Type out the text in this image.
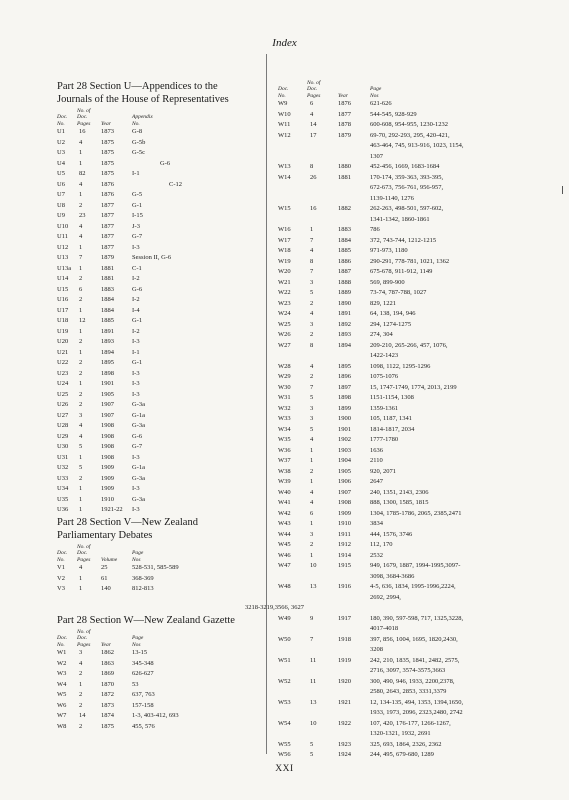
Index
Part 28 Section U—Appendices to the
Journals of the House of Representatives
Doc.
No.
No. of
Doc.
Pages Year
Appendix
No.
U1 16 1873	G-8
U2 4	1875	G-5b
U3 1	1875	G-5c
U4 1	1875	G-6
U5 82 1875	I-1
U6 4	1876	C-12
U7 1	1876	G-5
U8 2	1877	G-1
U9 23 1877	I-15
U10 4	1877	J-3
U11 4	1877	G-7
U12 1	1877	I-3
U13 7	1879	Session II, G-6
U13a 1	1881	C-1
U14 2	1881	I-2
U15 6	1883	G-6
U16 2	1884	I-2
U17 1	1884	I-4
U18 12 1885	G-1
U19 1	1891	I-2
U20 2	1893	I-3
U21 1	1894	I-1
U22 2	1895	G-1
U23 2	1898	I-3
U24 1	1901	I-3
U25 2	1905	I-3
U26 2	1907	G-3a
U27 3	1907	G-1a
U28 4	1908	G-3a
U29 4	1908	G-6
U30 5	1908	G-7
U31 1	1908	I-3
U32 5	1909	G-1a
U33 2	1909	G-3a
U34 1	1909	I-3
U35 1	1910	G-3a
U36 1	1921-22 I-3
Part 28 Section V—New Zealand
Parliamentary Debates
Doc.
No.
No. of
Doc.
Pages Volume
Page
Nos
V1 4	25	528-531, 585-589
V2 1	61	368-369
V3 1	140	812-813
Part 28 Section W—New Zealand Gazette
Doc.
No.
No. of
Doc.
Pages Year
Page
Nos
W1 3	1862	13-15
W2 4	1863	345-348
W3 2	1869	626-627
W4 1	1870	53
W5 2	1872	637, 763
W6 2	1873	157-158
W7 14 1874	1-3, 403-412, 693
W8 2	1875	455, 576
Doc.
No.
No. of
Doc.
Pages	Year
Page
Nos
W9	6	1876	621-626
W10	4	1877	544-545, 928-929
W11	14	1878	600-608, 954-955, 1230-1232
W12	17	1879	69-70, 292-293, 295, 420-421,
463-464, 745, 913-916, 1023, 1154,
1307
W13	8	1880	452-456, 1669, 1683-1684
W14	26	1881	170-174, 359-363, 393-395,
672-673, 756-761, 956-957,
1139-1140, 1276
W15	16	1882	262-263, 498-501, 597-602,
1341-1342, 1860-1861
W16	1	1883	786
W17	7	1884	372, 743-744, 1212-1215
W18	4	1885	971-973, 1180
W19	8	1886	290-291, 778-781, 1021, 1362
W20	7	1887	675-678, 911-912, 1149
W21	3	1888	569, 899-900
W22	5	1889	73-74, 787-788, 1027
W23	2	1890	829, 1221
W24	4	1891	64, 138, 194, 946
W25	3	1892	294, 1274-1275
W26	2	1893	274, 304
W27	8	1894	209-210, 265-266, 457, 1076,
1422-1423
W28	4	1895	1098, 1122, 1295-1296
W29	2	1896	1075-1076
W30	7	1897	15, 1747-1749, 1774, 2013, 2199
W31	5	1898	1151-1154, 1308
W32	3	1899	1359-1361
W33	3	1900	105, 1187, 1341
W34	5	1901	1814-1817, 2034
W35	4	1902	1777-1780
W36	1	1903	1636
W37	1	1904	2110
W38	2	1905	920, 2071
W39	1	1906	2647
W40	4	1907	240, 1351, 2143, 2306
W41	4	1908	888, 1300, 1585, 1815
W42	6	1909	1304, 1785-1786, 2065, 2385,2471
W43	1	1910	3834
W44	3	1911	444, 1576, 3746
W45	2	1912	112, 170
W46	1	1914	2532
W47	10	1915	949, 1679, 1887, 1994-1995,3097-
3098, 3684-3686
W48	13	1916	4-5, 636, 1834, 1995-1996,2224,
2692, 2994,
3218-3219,3566, 3627
W49	9	1917	180, 390, 597-598, 717, 1325,3228,
4017-4018
W50	7	1918	397, 856, 1004, 1695, 1820,2430,
3208
W51	11	1919	242, 210, 1835, 1841, 2482, 2575,
2716, 3097, 3574-3575,3663
W52	11	1920	300, 490, 946, 1933, 2200,2378,
2580, 2643, 2853, 3331,3379
W53	13	1921	12, 134-135, 494, 1353, 1394,1650,
1933, 1973, 2096, 2323,2480, 2742
W54	10	1922	107, 420, 176-177, 1266-1267,
1320-1321, 1932, 2691
W55	5	1923	325, 693, 1864, 2326, 2362
W56	5	1924	244, 495, 679-680, 1289
XXI
